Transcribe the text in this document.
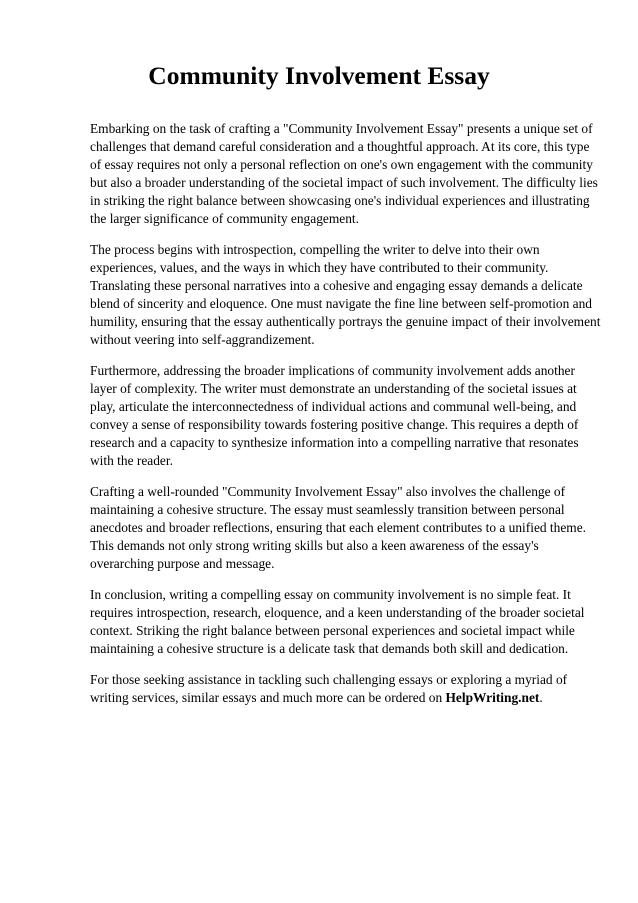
Community Involvement Essay

Embarking on the task of crafting a "Community Involvement Essay" presents a unique set of challenges that demand careful consideration and a thoughtful approach. At its core, this type of essay requires not only a personal reflection on one's own engagement with the community but also a broader understanding of the societal impact of such involvement. The difficulty lies in striking the right balance between showcasing one's individual experiences and illustrating the larger significance of community engagement.

The process begins with introspection, compelling the writer to delve into their own experiences, values, and the ways in which they have contributed to their community. Translating these personal narratives into a cohesive and engaging essay demands a delicate blend of sincerity and eloquence. One must navigate the fine line between self-promotion and humility, ensuring that the essay authentically portrays the genuine impact of their involvement without veering into self-aggrandizement.

Furthermore, addressing the broader implications of community involvement adds another layer of complexity. The writer must demonstrate an understanding of the societal issues at play, articulate the interconnectedness of individual actions and communal well-being, and convey a sense of responsibility towards fostering positive change. This requires a depth of research and a capacity to synthesize information into a compelling narrative that resonates with the reader.

Crafting a well-rounded "Community Involvement Essay" also involves the challenge of maintaining a cohesive structure. The essay must seamlessly transition between personal anecdotes and broader reflections, ensuring that each element contributes to a unified theme. This demands not only strong writing skills but also a keen awareness of the essay's overarching purpose and message.

In conclusion, writing a compelling essay on community involvement is no simple feat. It requires introspection, research, eloquence, and a keen understanding of the broader societal context. Striking the right balance between personal experiences and societal impact while maintaining a cohesive structure is a delicate task that demands both skill and dedication.

For those seeking assistance in tackling such challenging essays or exploring a myriad of writing services, similar essays and much more can be ordered on HelpWriting.net.
